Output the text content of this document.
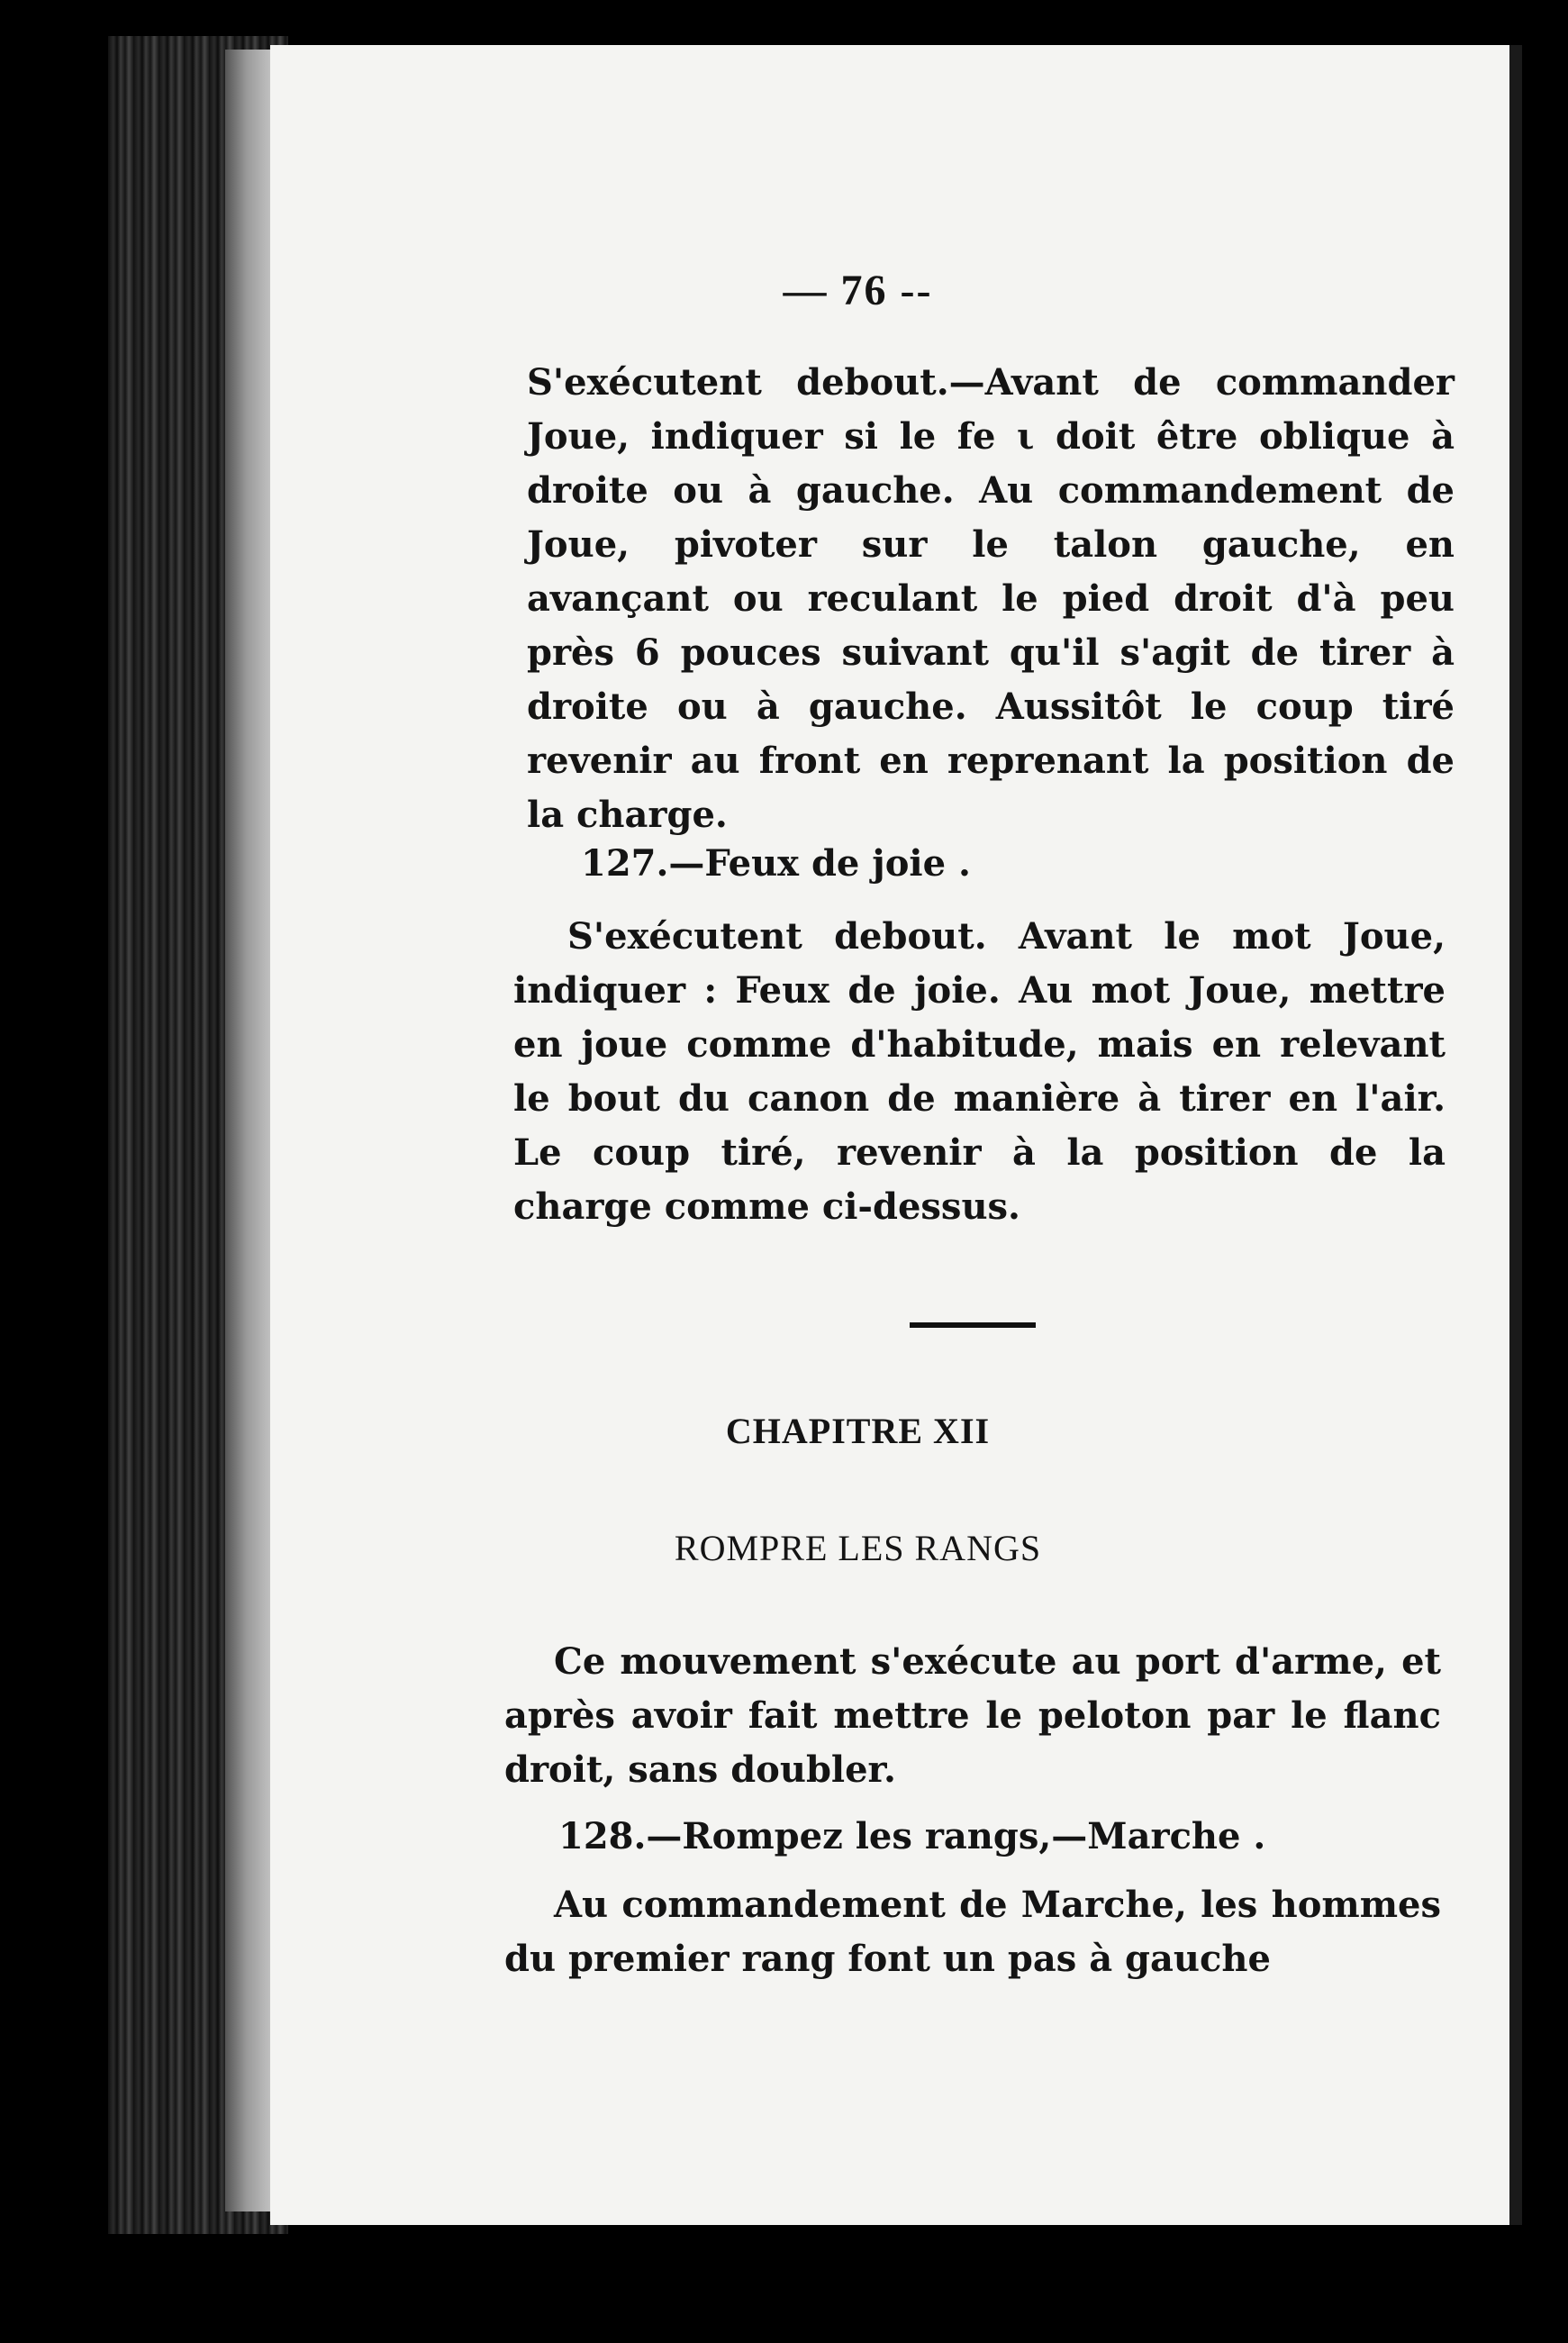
— 76 --

S'exécutent debout.—Avant de commander Joue, indiquer si le fe ι doit être oblique à droite ou à gauche. Au commandement de Joue, pivoter sur le talon gauche, en avançant ou reculant le pied droit d'à peu près 6 pouces suivant qu'il s'agit de tirer à droite ou à gauche. Aussitôt le coup tiré revenir au front en reprenant la position de la charge.

127.—Feux de joie .

S'exécutent debout. Avant le mot Joue, indiquer : Feux de joie. Au mot Joue, mettre en joue comme d'habitude, mais en relevant le bout du canon de manière à tirer en l'air. Le coup tiré, revenir à la position de la charge comme ci-dessus.

CHAPITRE XII
ROMPRE LES RANGS

Ce mouvement s'exécute au port d'arme, et après avoir fait mettre le peloton par le flanc droit, sans doubler.

128.—Rompez les rangs,—Marche .

Au commandement de Marche, les hommes du premier rang font un pas à gauche
